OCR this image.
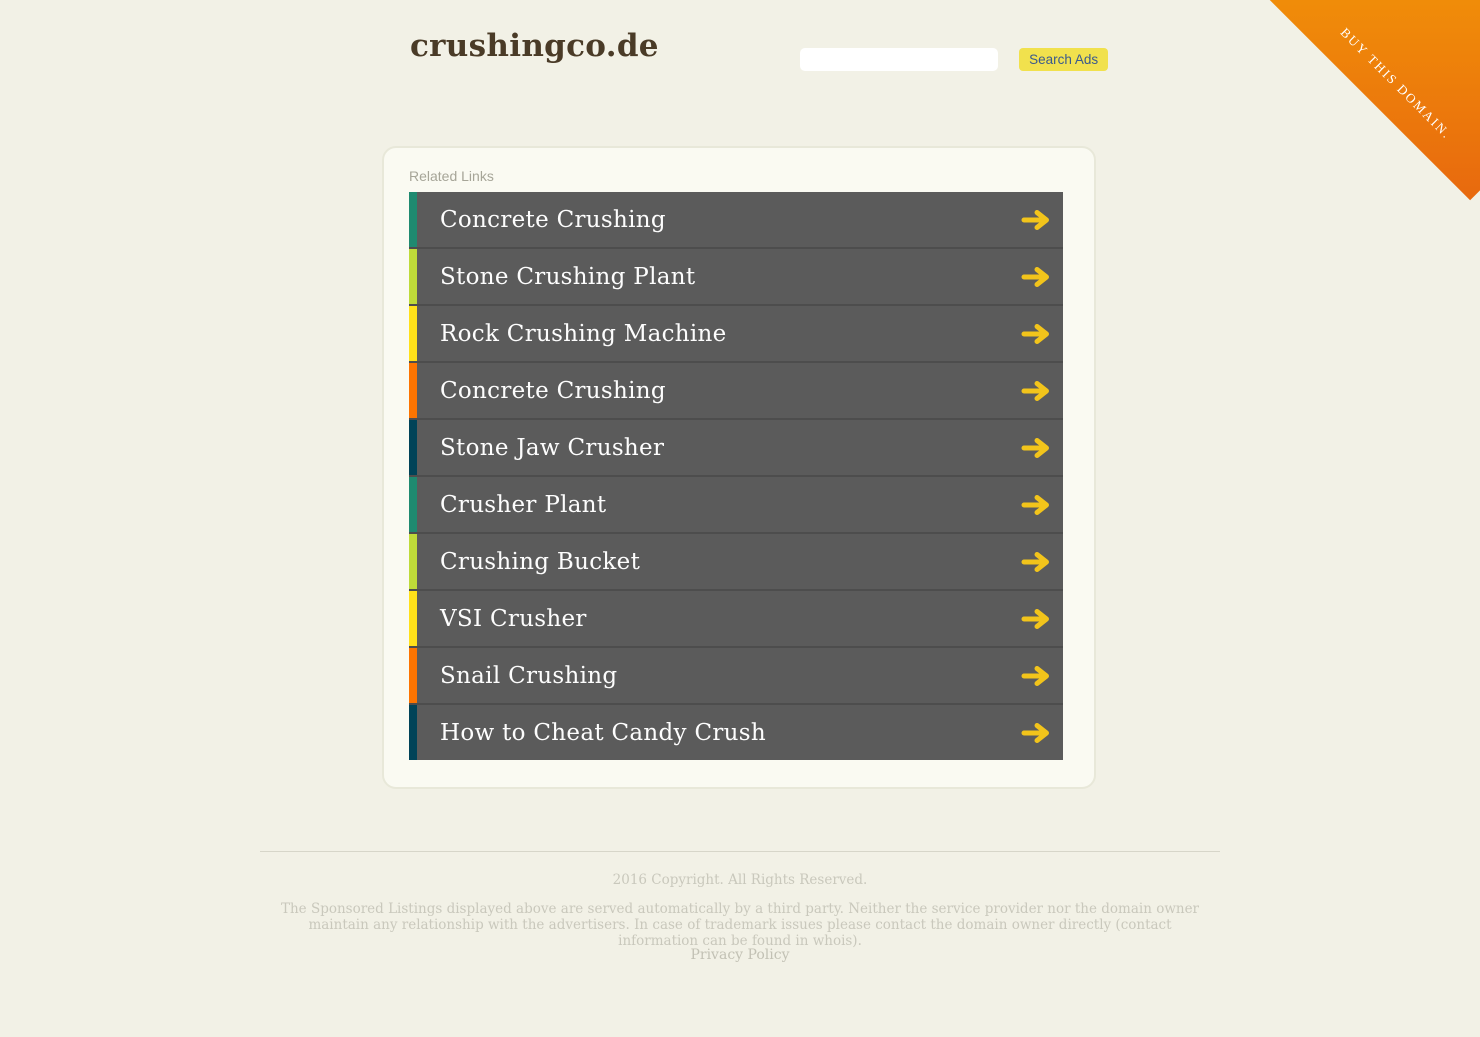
crushingco.de	Search Ads	BUY THIS DOMAIN.
Related Links
Concrete Crushing
Stone Crushing Plant
Rock Crushing Machine
Concrete Crushing
Stone Jaw Crusher
Crusher Plant
Crushing Bucket
VSI Crusher
Snail Crushing
How to Cheat Candy Crush
2016 Copyright. All Rights Reserved.
The Sponsored Listings displayed above are served automatically by a third party. Neither the service provider nor the domain owner maintain any relationship with the advertisers. In case of trademark issues please contact the domain owner directly (contact information can be found in whois).
Privacy Policy
